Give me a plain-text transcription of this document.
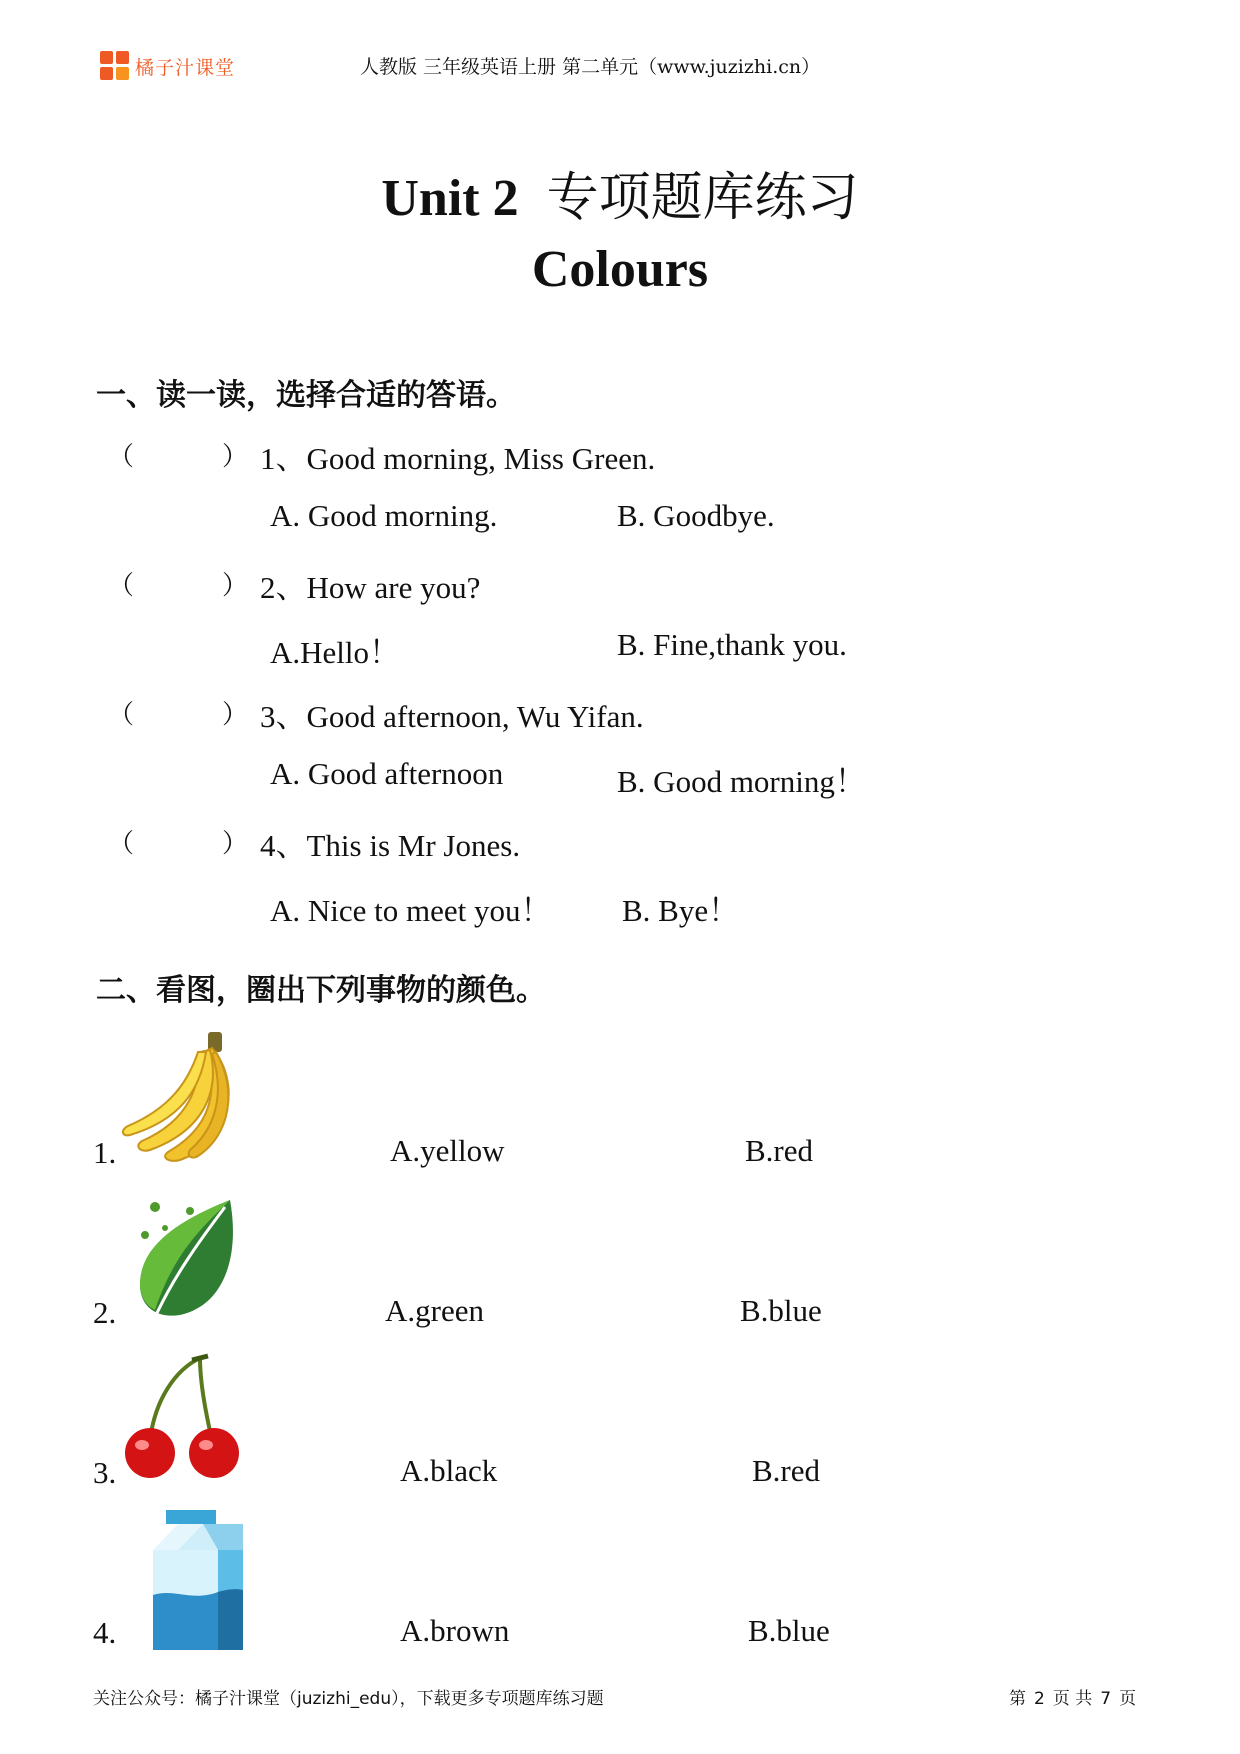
橘子汁课堂	人教版 三年级英语上册 第二单元（www.juzizhi.cn）
Unit 2 专项题库练习
Colours
一、读一读，选择合适的答语。
（	） 1、Good morning, Miss Green.
A. Good morning.	B. Goodbye.
（	） 2、How are you?
A.Hello！	B. Fine,thank you.
（	） 3、Good afternoon, Wu Yifan.
A. Good afternoon	B. Good morning！
（	） 4、This is Mr Jones.
A. Nice to meet you！ B. Bye！
二、看图，圈出下列事物的颜色。
1.	A.yellow	B.red
2.	A.green	B.blue
3.	A.black	B.red
4.	A.brown	B.blue
关注公众号：橘子汁课堂（juzizhi_edu），下载更多专项题库练习题	第 2 页 共 7 页
